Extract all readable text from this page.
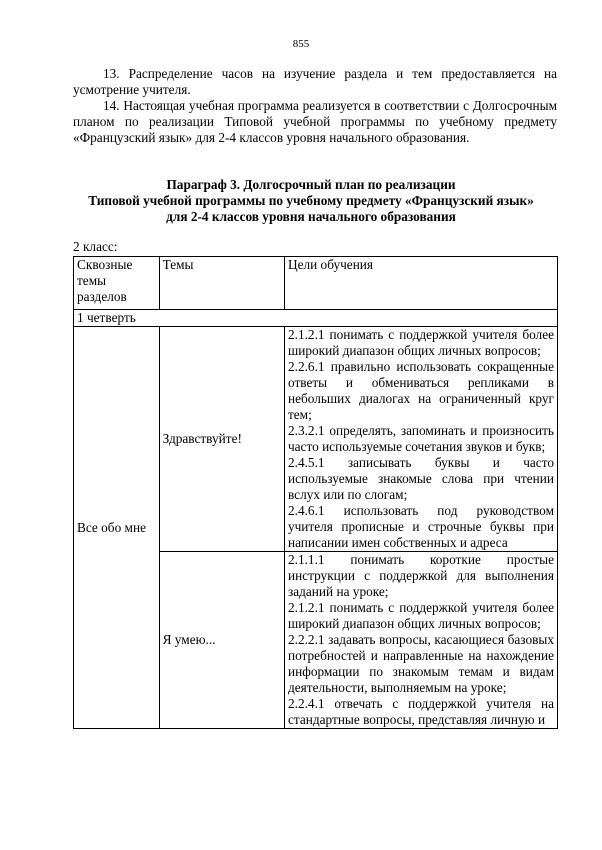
855

13. Распределение часов на изучение раздела и тем предоставляется на усмотрение учителя.

14. Настоящая учебная программа реализуется в соответствии с Долгосрочным планом по реализации Типовой учебной программы по учебному предмету «Французский язык» для 2-4 классов уровня начального образования.

Параграф 3. Долгосрочный план по реализации
Типовой учебной программы по учебному предмету «Французский язык»
для 2-4 классов уровня начального образования
2 класс:
Сквозные темы разделов	Темы	Цели обучения
1 четверть		
Все обо мне	Здравствуйте!	2.1.2.1 понимать с поддержкой учителя более широкий диапазон общих личных вопросов;
2.2.6.1 правильно использовать сокращенные ответы и обмениваться репликами в небольших диалогах на ограниченный круг тем;
2.3.2.1 определять, запоминать и произносить часто используемые сочетания звуков и букв;
2.4.5.1 записывать буквы и часто используемые знакомые слова при чтении вслух или по слогам;
2.4.6.1 использовать под руководством учителя прописные и строчные буквы при написании имен собственных и адреса

	Я умею...	2.1.1.1 понимать короткие простые инструкции с поддержкой для выполнения заданий на уроке;
2.1.2.1 понимать с поддержкой учителя более широкий диапазон общих личных вопросов;
2.2.2.1 задавать вопросы, касающиеся базовых потребностей и направленные на нахождение информации по знакомым темам и видам деятельности, выполняемым на уроке;
2.2.4.1 отвечать с поддержкой учителя на стандартные вопросы, представляя личную и
